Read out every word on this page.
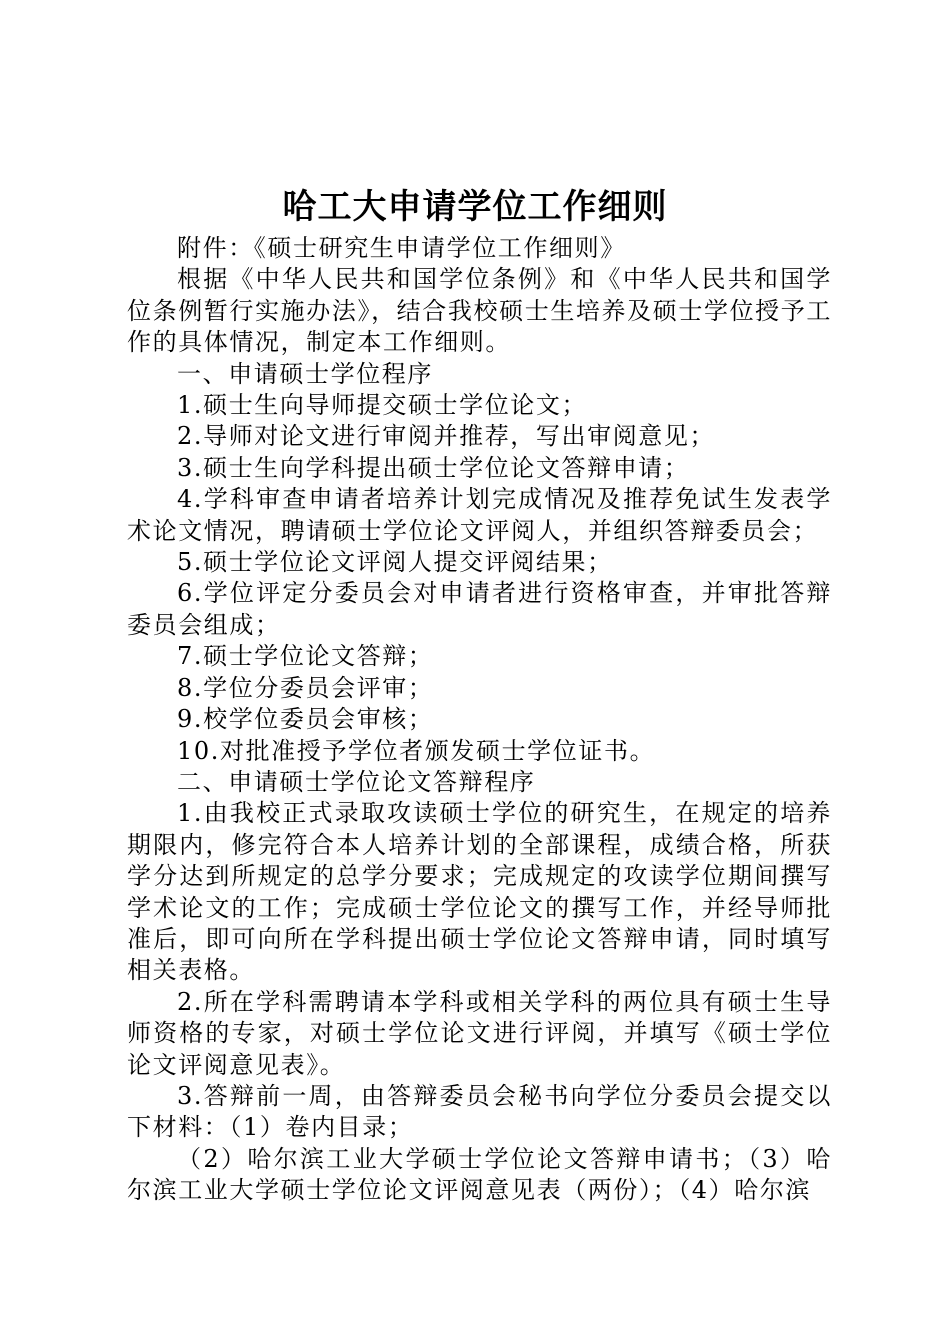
哈工大申请学位工作细则

附件：《硕士研究生申请学位工作细则》

根据《中华人民共和国学位条例》和《中华人民共和国学位条例暂行实施办法》，结合我校硕士生培养及硕士学位授予工作的具体情况，制定本工作细则。

一、申请硕士学位程序

1.硕士生向导师提交硕士学位论文；

2.导师对论文进行审阅并推荐，写出审阅意见；

3.硕士生向学科提出硕士学位论文答辩申请；

4.学科审查申请者培养计划完成情况及推荐免试生发表学术论文情况，聘请硕士学位论文评阅人，并组织答辩委员会；

5.硕士学位论文评阅人提交评阅结果；

6.学位评定分委员会对申请者进行资格审查，并审批答辩委员会组成；

7.硕士学位论文答辩；

8.学位分委员会评审；

9.校学位委员会审核；

10.对批准授予学位者颁发硕士学位证书。

二、申请硕士学位论文答辩程序

1.由我校正式录取攻读硕士学位的研究生，在规定的培养期限内，修完符合本人培养计划的全部课程，成绩合格，所获学分达到所规定的总学分要求；完成规定的攻读学位期间撰写学术论文的工作；完成硕士学位论文的撰写工作，并经导师批准后，即可向所在学科提出硕士学位论文答辩申请，同时填写相关表格。

2.所在学科需聘请本学科或相关学科的两位具有硕士生导师资格的专家，对硕士学位论文进行评阅，并填写《硕士学位论文评阅意见表》。

3.答辩前一周，由答辩委员会秘书向学位分委员会提交以下材料：（1）卷内目录；

（2）哈尔滨工业大学硕士学位论文答辩申请书；（3）哈尔滨工业大学硕士学位论文评阅意见表（两份）；（4）哈尔滨
